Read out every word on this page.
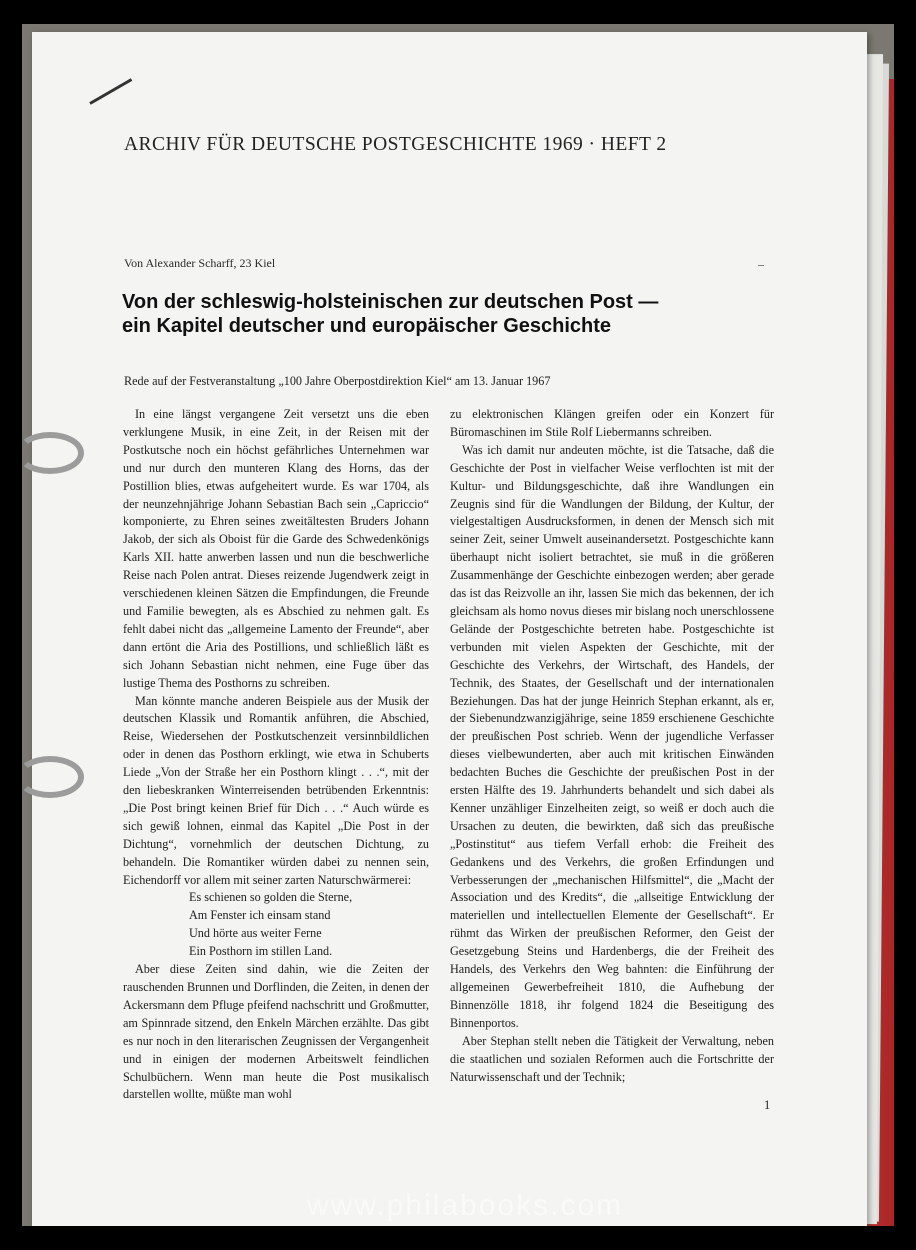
ARCHIV FÜR DEUTSCHE POSTGESCHICHTE 1969 · HEFT 2
Von Alexander Scharff, 23 Kiel	–
Von der schleswig-holsteinischen zur deutschen Post —
ein Kapitel deutscher und europäischer Geschichte
Rede auf der Festveranstaltung „100 Jahre Oberpostdirektion Kiel“ am 13. Januar 1967

In eine längst vergangene Zeit versetzt uns die eben verklungene Musik, in eine Zeit, in der Reisen mit der Postkutsche noch ein höchst gefährliches Unternehmen war und nur durch den munteren Klang des Horns, das der Postillion blies, etwas aufgeheitert wurde. Es war 1704, als der neunzehnjährige Johann Sebastian Bach sein „Capriccio“ komponierte, zu Ehren seines zweitältesten Bruders Johann Jakob, der sich als Oboist für die Garde des Schwedenkönigs Karls XII. hatte anwerben lassen und nun die beschwerliche Reise nach Polen antrat. Dieses reizende Jugendwerk zeigt in verschiedenen kleinen Sätzen die Empfindungen, die Freunde und Familie bewegten, als es Abschied zu nehmen galt. Es fehlt dabei nicht das „allgemeine Lamento der Freunde“, aber dann ertönt die Aria des Postillions, und schließlich läßt es sich Johann Sebastian nicht nehmen, eine Fuge über das lustige Thema des Posthorns zu schreiben.

Man könnte manche anderen Beispiele aus der Musik der deutschen Klassik und Romantik anführen, die Abschied, Reise, Wiedersehen der Postkutschenzeit versinnbildlichen oder in denen das Posthorn erklingt, wie etwa in Schuberts Liede „Von der Straße her ein Posthorn klingt . . .“, mit der den liebeskranken Winterreisenden betrübenden Erkenntnis: „Die Post bringt keinen Brief für Dich . . .“ Auch würde es sich gewiß lohnen, einmal das Kapitel „Die Post in der Dichtung“, vornehmlich der deutschen Dichtung, zu behandeln. Die Romantiker würden dabei zu nennen sein, Eichendorff vor allem mit seiner zarten Naturschwärmerei:

Es schienen so golden die Sterne,
Am Fenster ich einsam stand
Und hörte aus weiter Ferne
Ein Posthorn im stillen Land.

Aber diese Zeiten sind dahin, wie die Zeiten der rauschenden Brunnen und Dorflinden, die Zeiten, in denen der Ackersmann dem Pfluge pfeifend nachschritt und Großmutter, am Spinnrade sitzend, den Enkeln Märchen erzählte. Das gibt es nur noch in den literarischen Zeugnissen der Vergangenheit und in einigen der modernen Arbeitswelt feindlichen Schulbüchern. Wenn man heute die Post musikalisch darstellen wollte, müßte man wohl

zu elektronischen Klängen greifen oder ein Konzert für Büromaschinen im Stile Rolf Liebermanns schreiben.

Was ich damit nur andeuten möchte, ist die Tatsache, daß die Geschichte der Post in vielfacher Weise verflochten ist mit der Kultur- und Bildungsgeschichte, daß ihre Wandlungen ein Zeugnis sind für die Wandlungen der Bildung, der Kultur, der vielgestaltigen Ausdrucksformen, in denen der Mensch sich mit seiner Zeit, seiner Umwelt auseinandersetzt. Postgeschichte kann überhaupt nicht isoliert betrachtet, sie muß in die größeren Zusammenhänge der Geschichte einbezogen werden; aber gerade das ist das Reizvolle an ihr, lassen Sie mich das bekennen, der ich gleichsam als homo novus dieses mir bislang noch unerschlossene Gelände der Postgeschichte betreten habe. Postgeschichte ist verbunden mit vielen Aspekten der Geschichte, mit der Geschichte des Verkehrs, der Wirtschaft, des Handels, der Technik, des Staates, der Gesellschaft und der internationalen Beziehungen. Das hat der junge Heinrich Stephan erkannt, als er, der Siebenundzwanzigjährige, seine 1859 erschienene Geschichte der preußischen Post schrieb. Wenn der jugendliche Verfasser dieses vielbewunderten, aber auch mit kritischen Einwänden bedachten Buches die Geschichte der preußischen Post in der ersten Hälfte des 19. Jahrhunderts behandelt und sich dabei als Kenner unzähliger Einzelheiten zeigt, so weiß er doch auch die Ursachen zu deuten, die bewirkten, daß sich das preußische „Postinstitut“ aus tiefem Verfall erhob: die Freiheit des Gedankens und des Verkehrs, die großen Erfindungen und Verbesserungen der „mechanischen Hilfsmittel“, die „Macht der Association und des Kredits“, die „allseitige Entwicklung der materiellen und intellectuellen Elemente der Gesellschaft“. Er rühmt das Wirken der preußischen Reformer, den Geist der Gesetzgebung Steins und Hardenbergs, die der Freiheit des Handels, des Verkehrs den Weg bahnten: die Einführung der allgemeinen Gewerbefreiheit 1810, die Aufhebung der Binnenzölle 1818, ihr folgend 1824 die Beseitigung des Binnenportos.

Aber Stephan stellt neben die Tätigkeit der Verwaltung, neben die staatlichen und sozialen Reformen auch die Fortschritte der Naturwissenschaft und der Technik;

1
www.philabooks.com
